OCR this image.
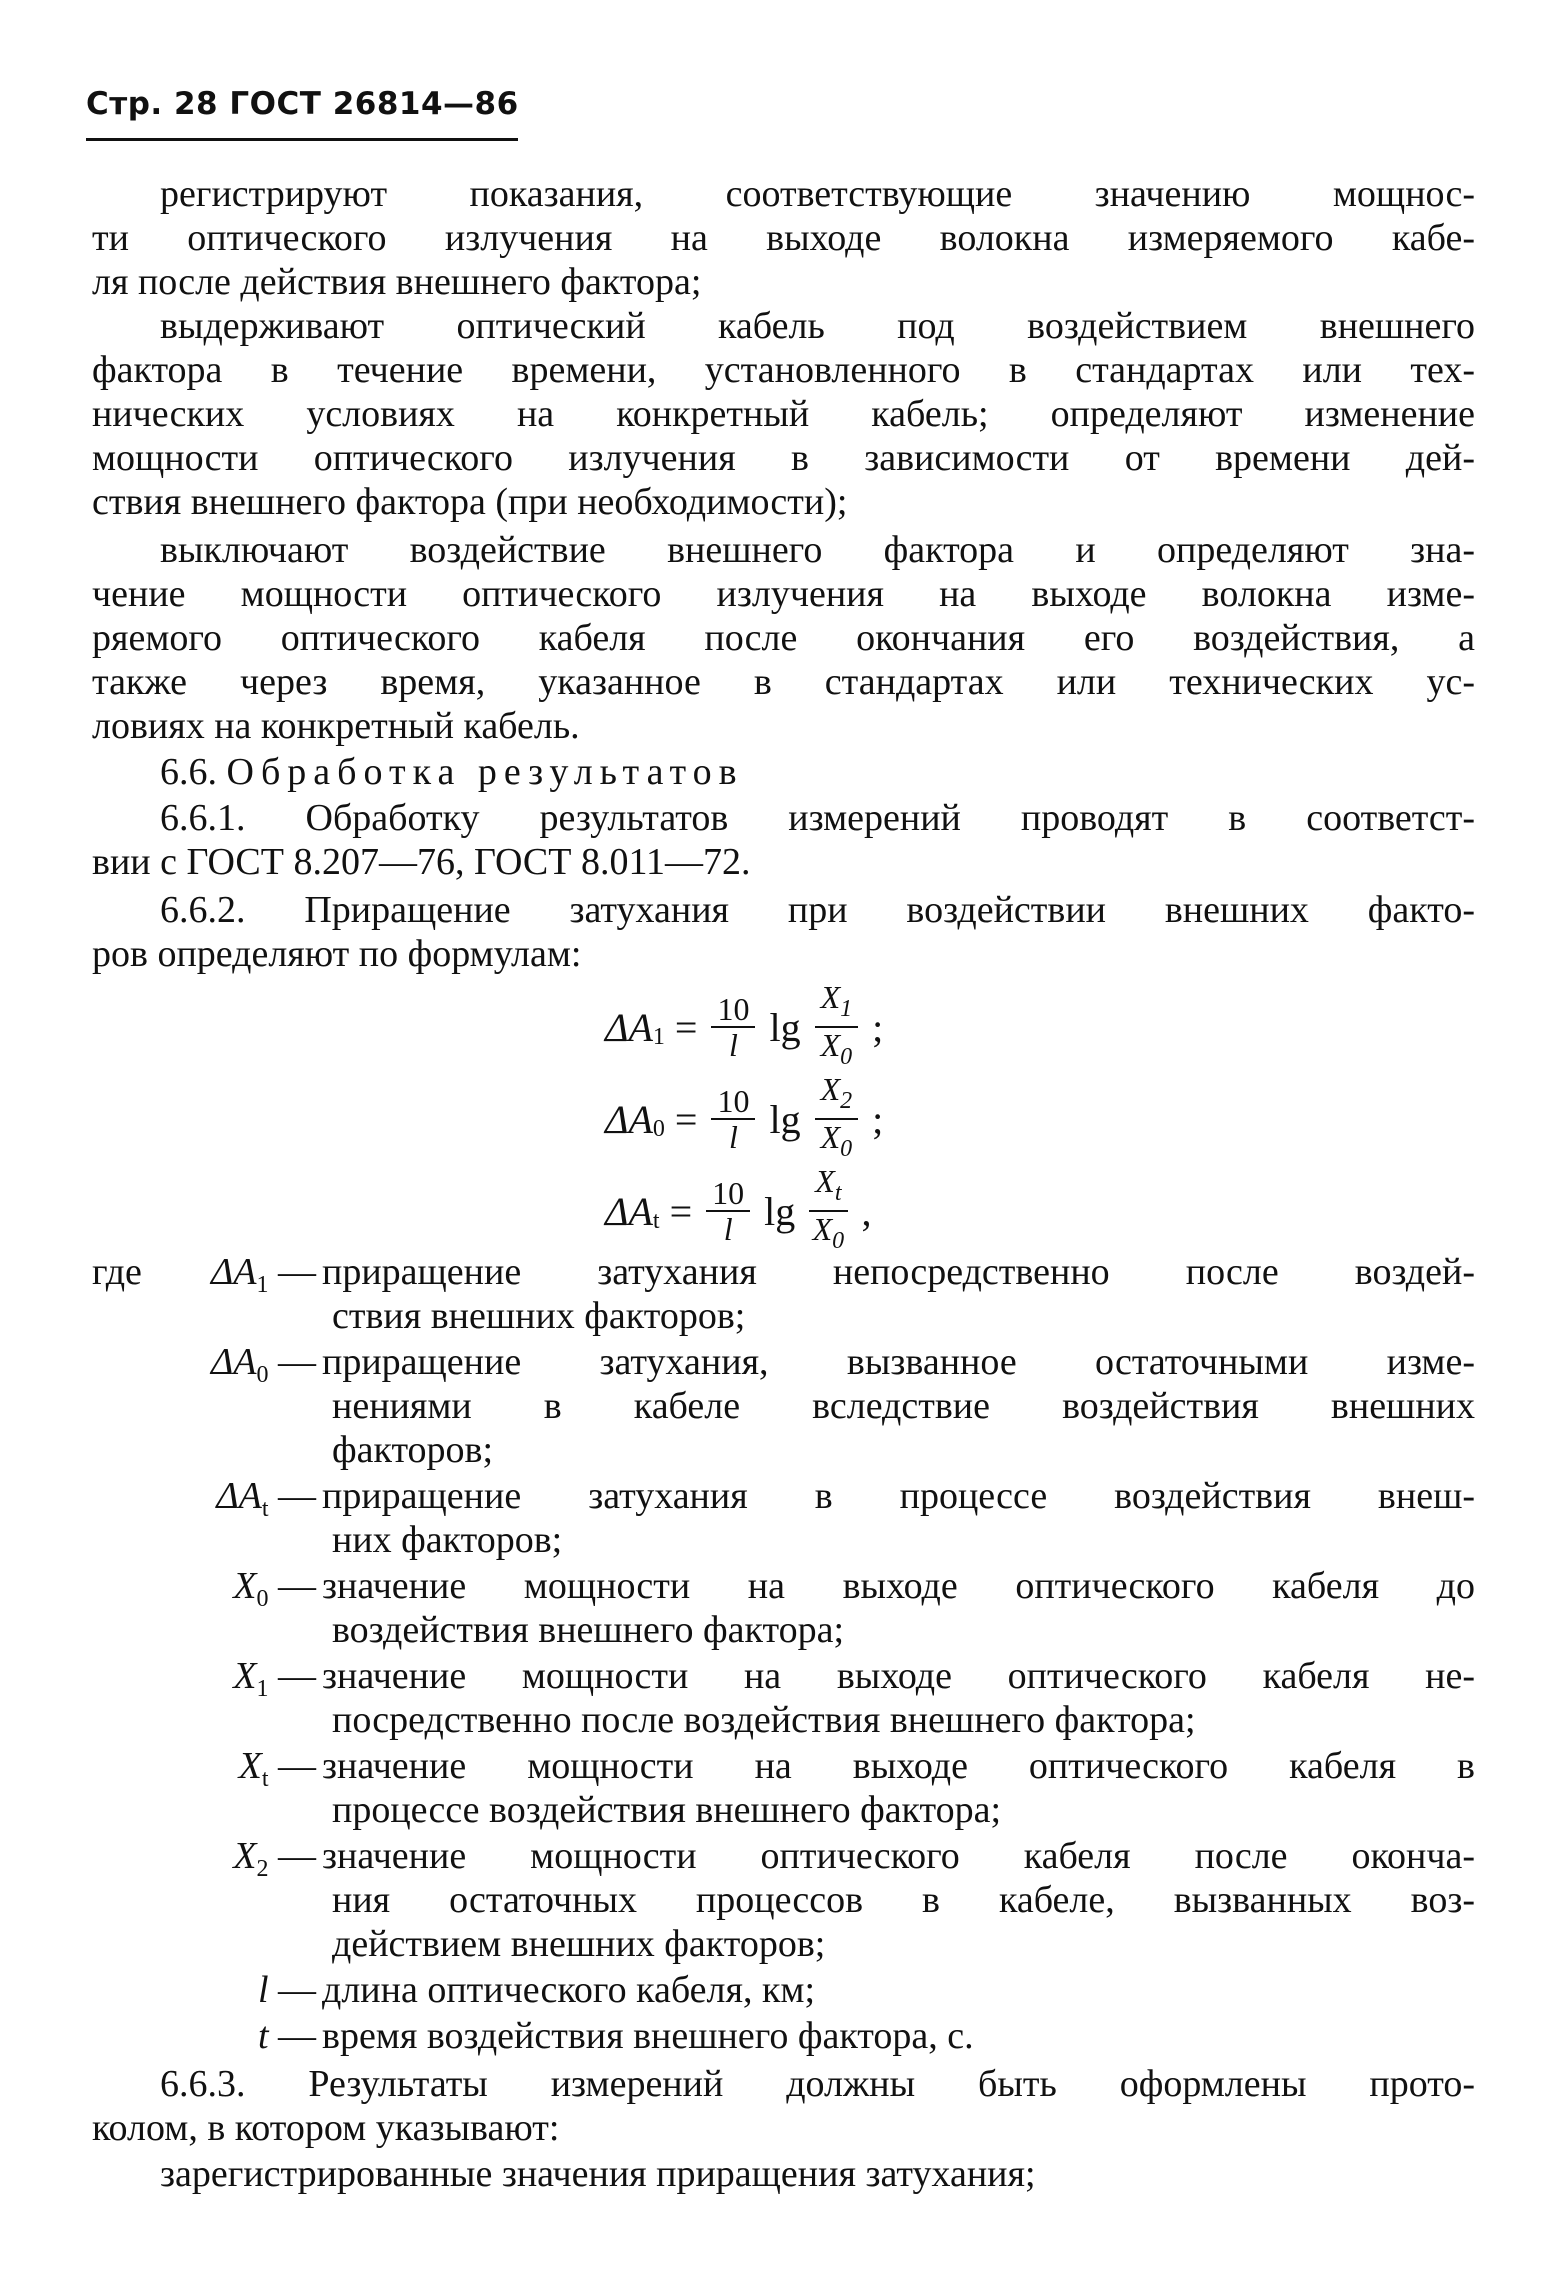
Стр. 28 ГОСТ 26814—86
регистрируют показания, соответствующие значению мощнос-
ти оптического излучения на выходе волокна измеряемого кабе-
ля после действия внешнего фактора;
выдерживают оптический кабель под воздействием внешнего
фактора в течение времени, установленного в стандартах или тех-
нических условиях на конкретный кабель; определяют изменение
мощности оптического излучения в зависимости от времени дей-
ствия внешнего фактора (при необходимости);
выключают воздействие внешнего фактора и определяют зна-
чение мощности оптического излучения на выходе волокна изме-
ряемого оптического кабеля после окончания его воздействия, а
также через время, указанное в стандартах или технических ус-
ловиях на конкретный кабель.
6.6. Обработка результатов
6.6.1. Обработку результатов измерений проводят в соответст-
вии с ГОСТ 8.207—76, ГОСТ 8.011—72.
6.6.2. Приращение затухания при воздействии внешних факто-
ров определяют по формулам:
$\Delta A_1 = \frac{10}{l}$ $\lg \frac{X_1}{X_0}$ ;
$\Delta A_0 = \frac{10}{l}$ $\lg \frac{X_2}{X_0}$ ;
$\Delta A_t = \frac{10}{l}$ $\lg \frac{X_t}{X_0}$ ,
где	$\Delta A_1$ — приращение затухания непосредственно после воздей-
ствия внешних факторов;
$\Delta A_0$ — приращение затухания, вызванное остаточными изме-
нениями в кабеле вследствие воздействия внешних
факторов;
$\Delta A_t$ — приращение затухания в процессе воздействия внеш-
них факторов;
$X_0$ — значение мощности на выходе оптического кабеля до
воздействия внешнего фактора;
$X_1$ — значение мощности на выходе оптического кабеля не-
посредственно после воздействия внешнего фактора;
$X_t$ — значение мощности на выходе оптического кабеля в
процессе воздействия внешнего фактора;
$X_2$ — значение мощности оптического кабеля после оконча-
ния остаточных процессов в кабеле, вызванных воз-
действием внешних факторов;
l — длина оптического кабеля, км;
t — время воздействия внешнего фактора, с.
6.6.3. Результаты измерений должны быть оформлены прото-
колом, в котором указывают:
зарегистрированные значения приращения затухания;
